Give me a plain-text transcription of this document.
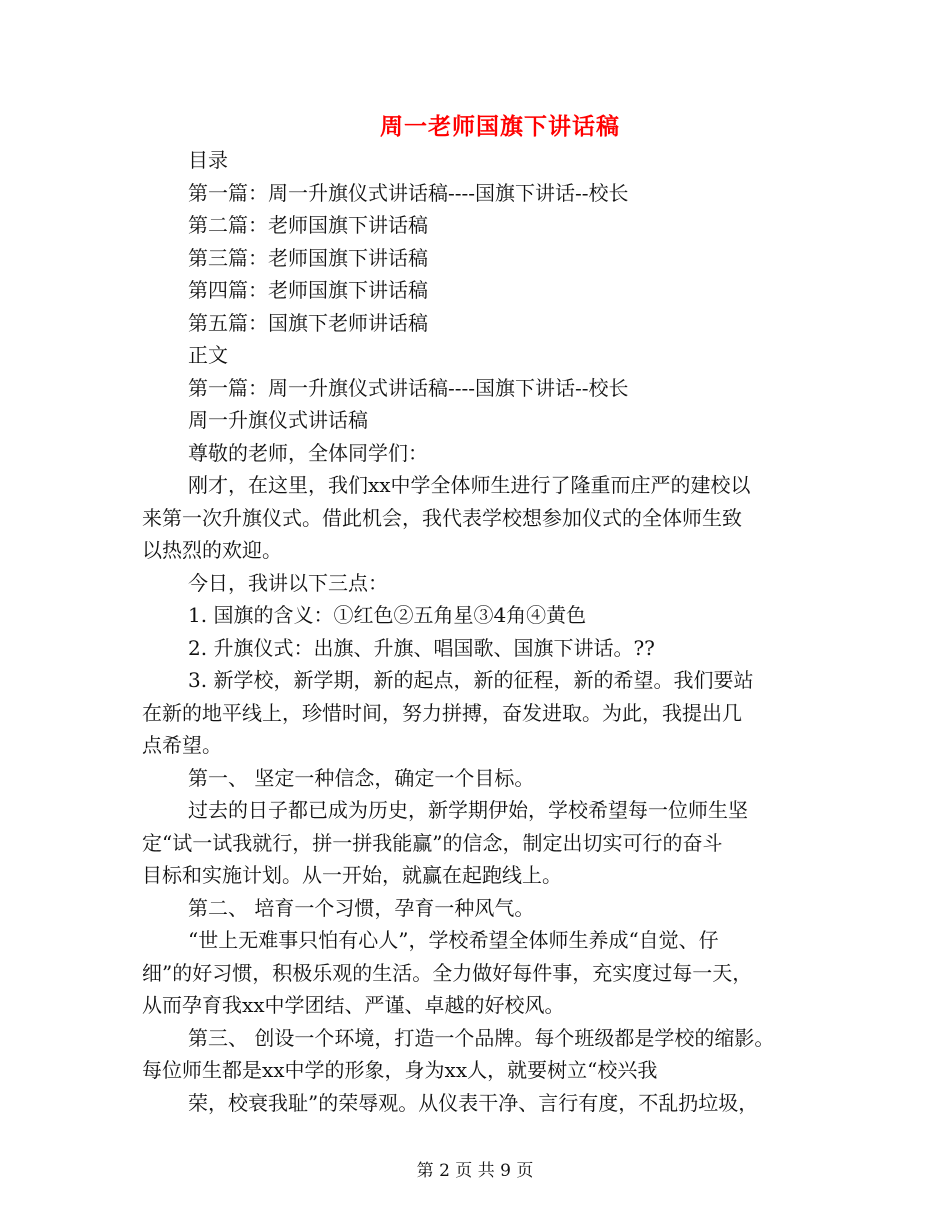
周一老师国旗下讲话稿
目录
第一篇：周一升旗仪式讲话稿----国旗下讲话--校长
第二篇：老师国旗下讲话稿
第三篇：老师国旗下讲话稿
第四篇：老师国旗下讲话稿
第五篇：国旗下老师讲话稿
正文
第一篇：周一升旗仪式讲话稿----国旗下讲话--校长
周一升旗仪式讲话稿
尊敬的老师，全体同学们：
刚才，在这里，我们xx中学全体师生进行了隆重而庄严的建校以
来第一次升旗仪式。借此机会，我代表学校想参加仪式的全体师生致
以热烈的欢迎。
今日，我讲以下三点：
1. 国旗的含义：①红色②五角星③4角④黄色
2. 升旗仪式：出旗、升旗、唱国歌、国旗下讲话。??
3. 新学校，新学期，新的起点，新的征程，新的希望。我们要站
在新的地平线上，珍惜时间，努力拼搏，奋发进取。为此，我提出几
点希望。
第一、 坚定一种信念，确定一个目标。
过去的日子都已成为历史，新学期伊始，学校希望每一位师生坚
定“试一试我就行，拼一拼我能赢”的信念，制定出切实可行的奋斗
目标和实施计划。从一开始，就赢在起跑线上。
第二、 培育一个习惯，孕育一种风气。
“世上无难事只怕有心人”，学校希望全体师生养成“自觉、仔
细”的好习惯，积极乐观的生活。全力做好每件事，充实度过每一天，
从而孕育我xx中学团结、严谨、卓越的好校风。
第三、 创设一个环境，打造一个品牌。每个班级都是学校的缩影。
每位师生都是xx中学的形象，身为xx人，就要树立“校兴我
荣，校衰我耻”的荣辱观。从仪表干净、言行有度，不乱扔垃圾，
第 2 页 共 9 页
